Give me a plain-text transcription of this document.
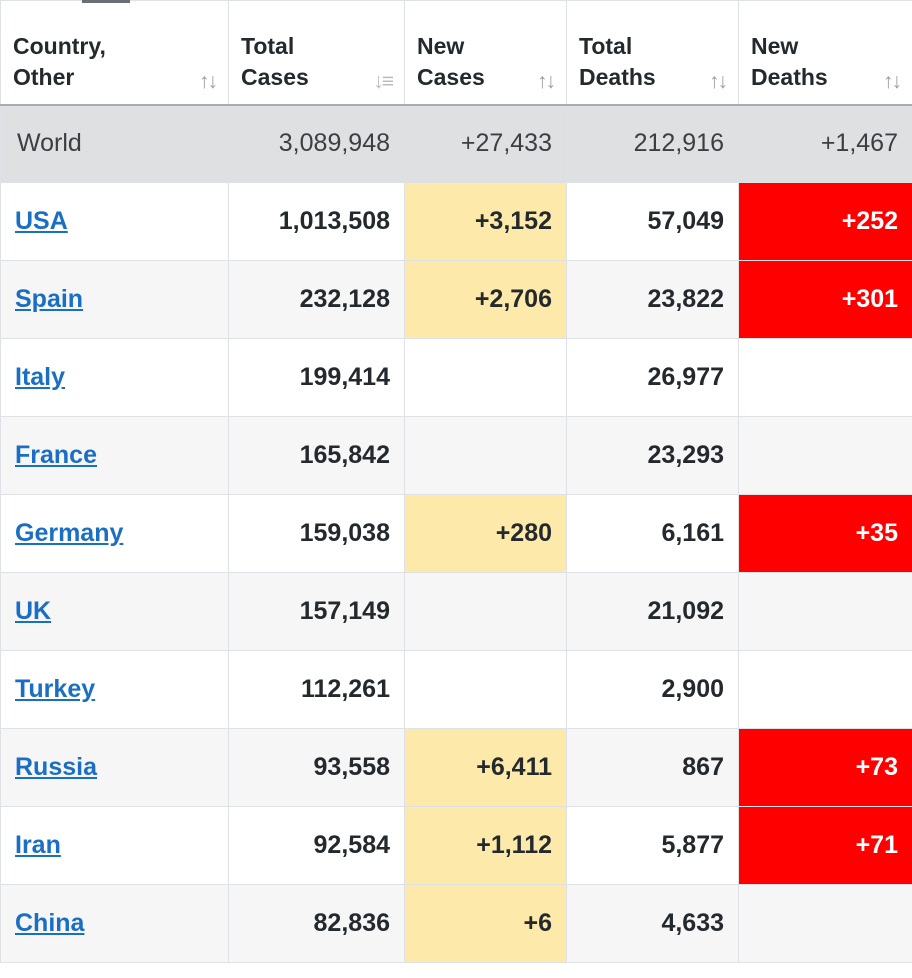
Country,
Other ↑↓	Total
Cases ↓≡	New
Cases ↑↓	Total
Deaths ↑↓	New
Deaths ↑↓

World	3,089,948	+27,433	212,916	+1,467
USA	1,013,508	+3,152	57,049	+252
Spain	232,128	+2,706	23,822	+301
Italy	199,414		26,977	
France	165,842		23,293	
Germany	159,038	+280	6,161	+35
UK	157,149		21,092	
Turkey	112,261		2,900	
Russia	93,558	+6,411	867	+73
Iran	92,584	+1,112	5,877	+71
China	82,836	+6	4,633	
